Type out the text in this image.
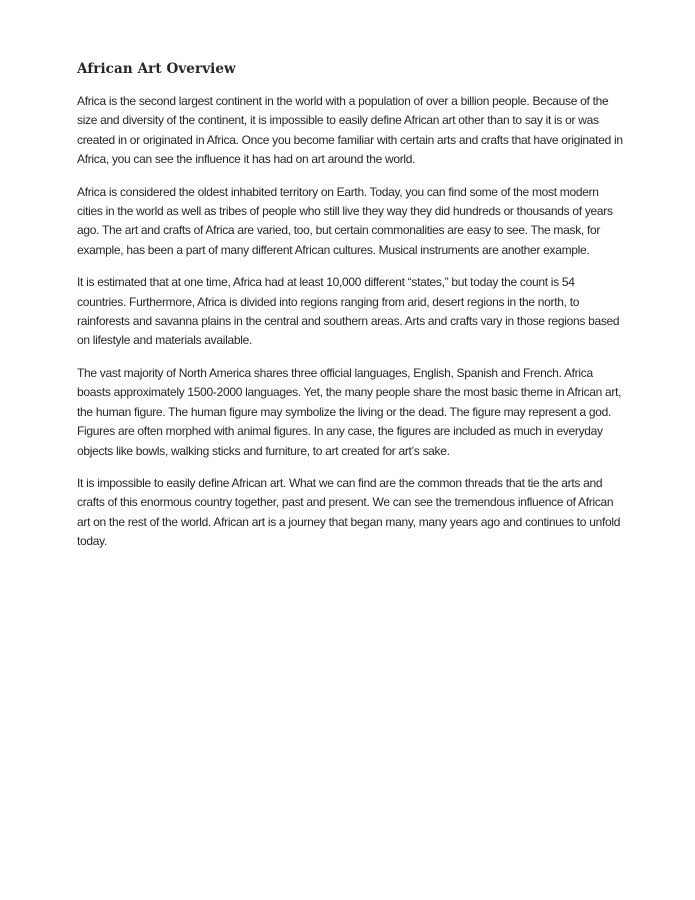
African Art Overview

Africa is the second largest continent in the world with a population of over a billion people. Because of the size and diversity of the continent, it is impossible to easily define African art other than to say it is or was created in or originated in Africa. Once you become familiar with certain arts and crafts that have originated in Africa, you can see the influence it has had on art around the world.

Africa is considered the oldest inhabited territory on Earth. Today, you can find some of the most modern cities in the world as well as tribes of people who still live they way they did hundreds or thousands of years ago. The art and crafts of Africa are varied, too, but certain commonalities are easy to see. The mask, for example, has been a part of many different African cultures. Musical instruments are another example.

It is estimated that at one time, Africa had at least 10,000 different “states,” but today the count is 54 countries. Furthermore, Africa is divided into regions ranging from arid, desert regions in the north, to rainforests and savanna plains in the central and southern areas. Arts and crafts vary in those regions based on lifestyle and materials available.

The vast majority of North America shares three official languages, English, Spanish and French. Africa boasts approximately 1500-2000 languages. Yet, the many people share the most basic theme in African art, the human figure. The human figure may symbolize the living or the dead. The figure may represent a god. Figures are often morphed with animal figures. In any case, the figures are included as much in everyday objects like bowls, walking sticks and furniture, to art created for art’s sake.

It is impossible to easily define African art. What we can find are the common threads that tie the arts and crafts of this enormous country together, past and present. We can see the tremendous influence of African art on the rest of the world. African art is a journey that began many, many years ago and continues to unfold today.
